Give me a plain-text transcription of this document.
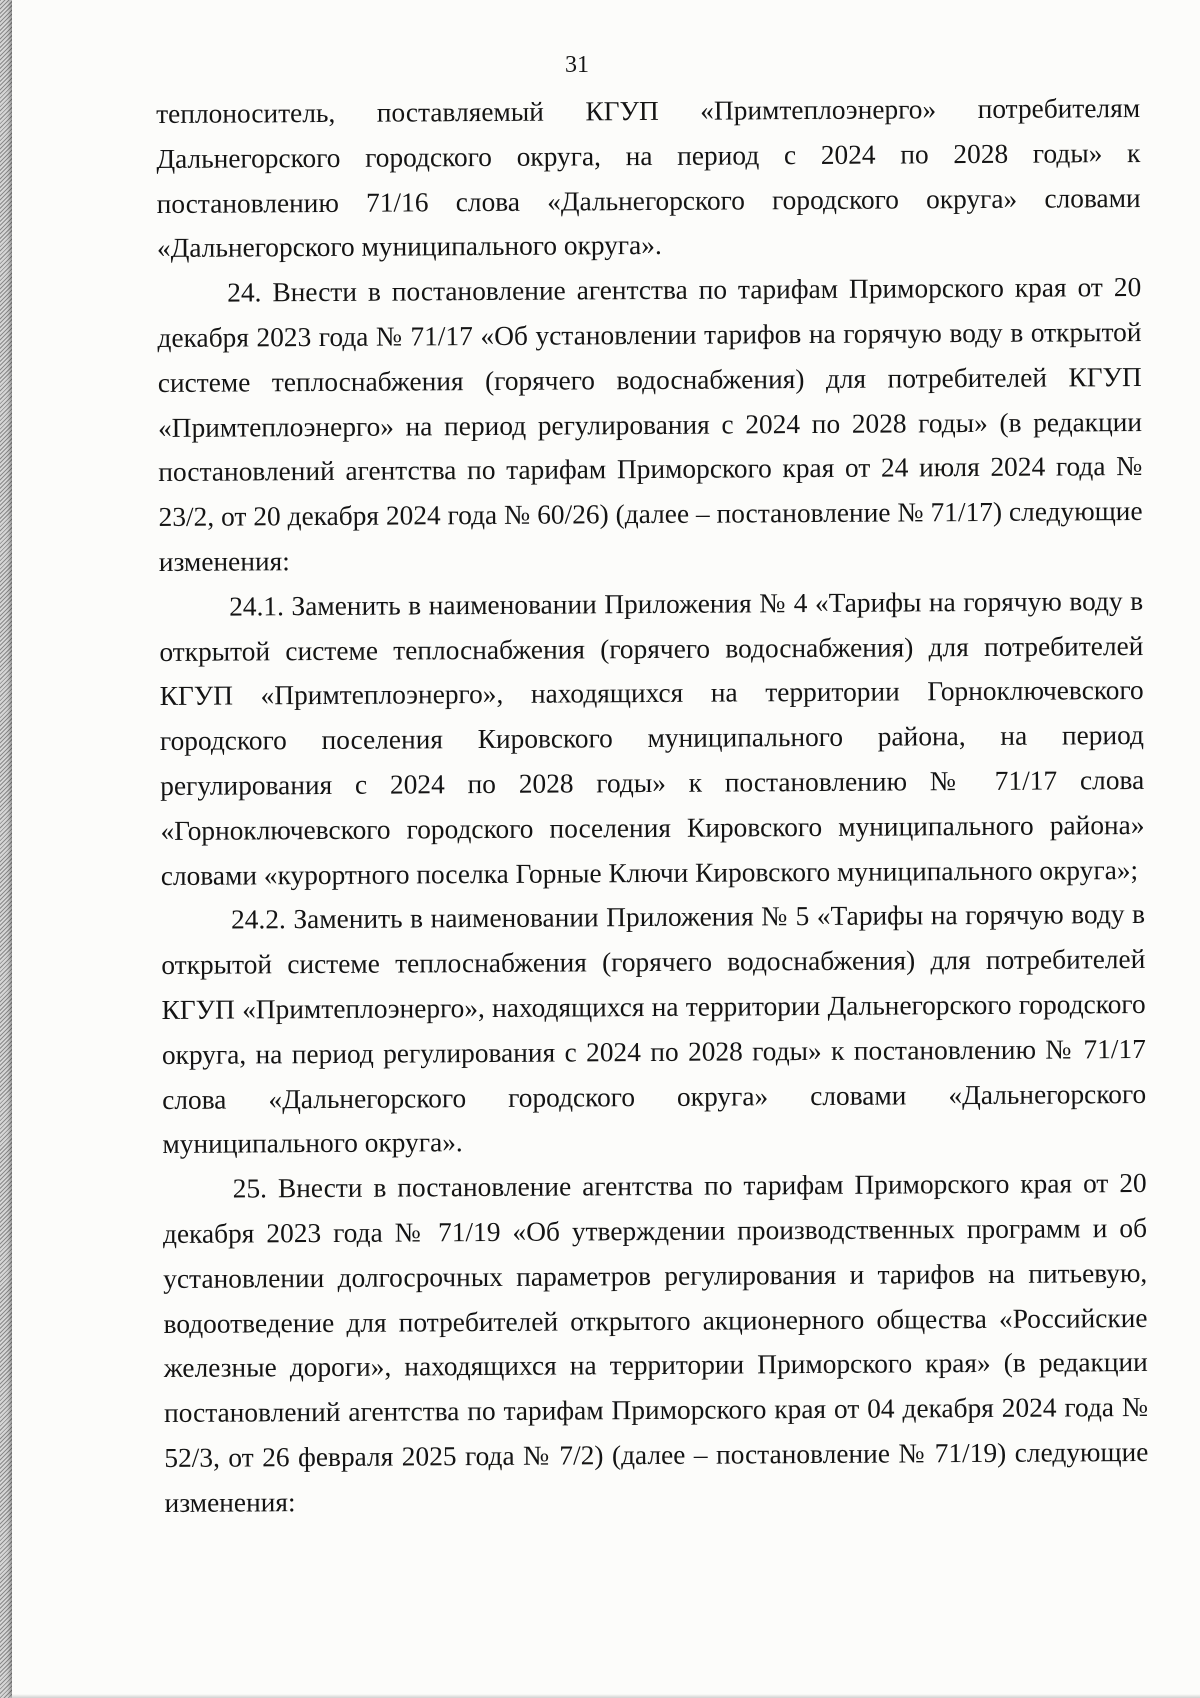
31

теплоноситель, поставляемый КГУП «Примтеплоэнерго» потребителям Дальнегорского городского округа, на период с 2024 по 2028 годы» к постановлению 71/16 слова «Дальнегорского городского округа» словами «Дальнегорского муниципального округа».

24. Внести в постановление агентства по тарифам Приморского края от 20 декабря 2023 года № 71/17 «Об установлении тарифов на горячую воду в открытой системе теплоснабжения (горячего водоснабжения) для потребителей КГУП «Примтеплоэнерго» на период регулирования с 2024 по 2028 годы» (в редакции постановлений агентства по тарифам Приморского края от 24 июля 2024 года № 23/2, от 20 декабря 2024 года № 60/26) (далее – постановление № 71/17) следующие изменения:

24.1. Заменить в наименовании Приложения № 4 «Тарифы на горячую воду в открытой системе теплоснабжения (горячего водоснабжения) для потребителей КГУП «Примтеплоэнерго», находящихся на территории Горноключевского городского поселения Кировского муниципального района, на период регулирования с 2024 по 2028 годы» к постановлению № 71/17 слова «Горноключевского городского поселения Кировского муниципального района» словами «курортного поселка Горные Ключи Кировского муниципального округа»;

24.2. Заменить в наименовании Приложения № 5 «Тарифы на горячую воду в открытой системе теплоснабжения (горячего водоснабжения) для потребителей КГУП «Примтеплоэнерго», находящихся на территории Дальнегорского городского округа, на период регулирования с 2024 по 2028 годы» к постановлению № 71/17 слова «Дальнегорского городского округа» словами «Дальнегорского муниципального округа».

25. Внести в постановление агентства по тарифам Приморского края от 20 декабря 2023 года № 71/19 «Об утверждении производственных программ и об установлении долгосрочных параметров регулирования и тарифов на питьевую, водоотведение для потребителей открытого акционерного общества «Российские железные дороги», находящихся на территории Приморского края» (в редакции постановлений агентства по тарифам Приморского края от 04 декабря 2024 года № 52/3, от 26 февраля 2025 года № 7/2) (далее – постановление № 71/19) следующие изменения:
